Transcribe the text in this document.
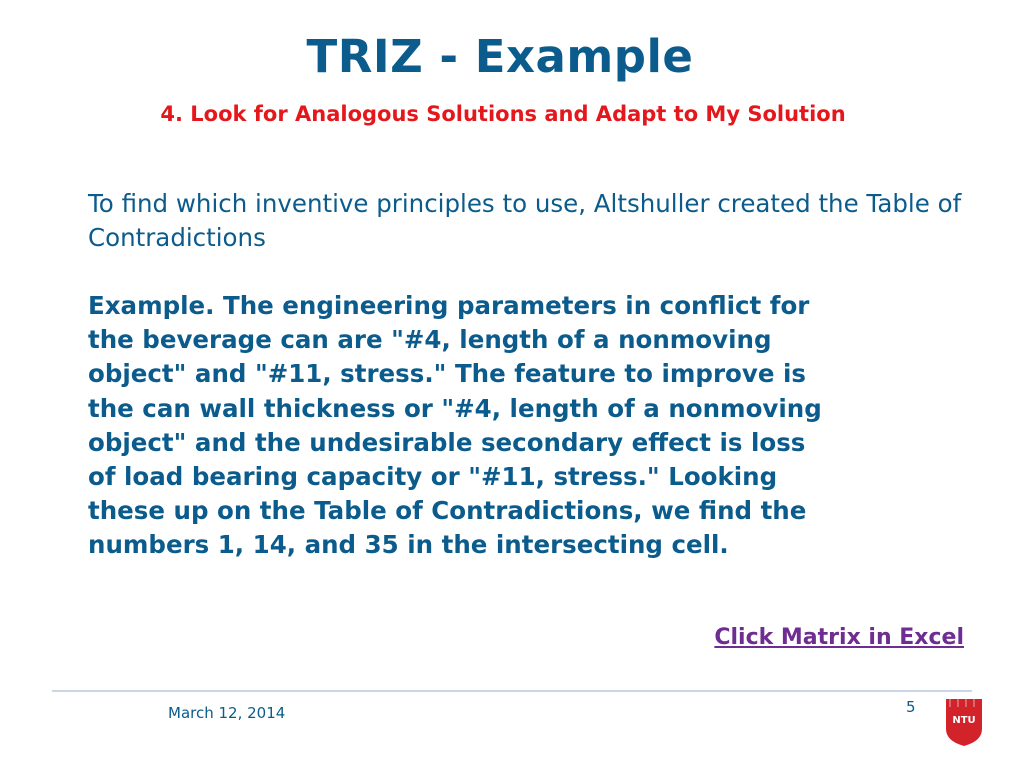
TRIZ - Example
4. Look for Analogous Solutions and Adapt to My Solution
To find which inventive principles to use, Altshuller created the Table of Contradictions
Example. The engineering parameters in conflict for
the beverage can are "#4, length of a nonmoving
object" and "#11, stress." The feature to improve is
the can wall thickness or "#4, length of a nonmoving
object" and the undesirable secondary effect is loss
of load bearing capacity or "#11, stress." Looking
these up on the Table of Contradictions, we find the
numbers 1, 14, and 35 in the intersecting cell.
Click Matrix in Excel
March 12, 2014	5
NTU
